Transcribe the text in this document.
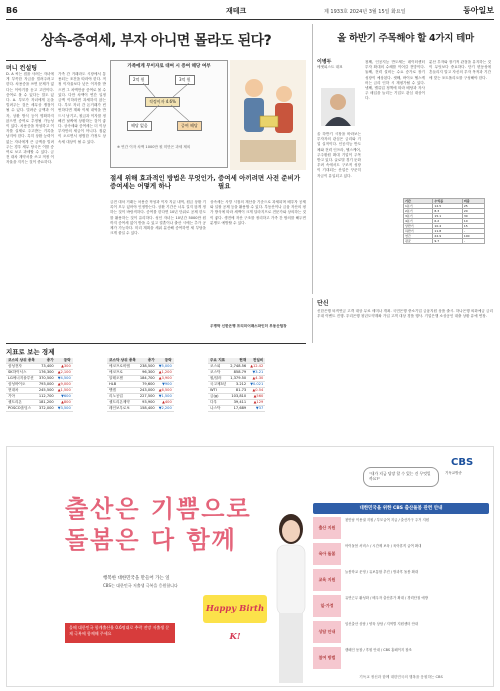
B6	재테크	제 1933호 2024년 3월 15일 화요일	동아일보
상속-증여세, 부자 아니면 몰라도 된다?
머니 컨설팅
D. A 씨는 집을 사려는 자녀에게 부족한 자금을 빌려주려고 한다. 차용증을 쓰면 문제가 없다는 이야기를 듣고 고민이다. 증여로 볼 수 있다는 말도 있다. A. 부모가 자녀에게 돈을 빌려주는 것은 세무상 쟁점이 될 수 있다. 빌려준 금액과 이자, 상환 방식 등이 명확하지 않으면 증여로 추정될 가능성이 있다. 차용증을 작성하고 이자를 실제로 주고받는 기록을 남겨야 한다. 특히 상환 능력이 없는 자녀에게 큰 금액을 빌려주는 경우 세무 당국은 이를 증여로 보고 과세할 수 있다. 금전 대차 계약서를 쓰고 적정 이자율을 지키는 것이 중요하다.
가족 간 거래라도 시장에서 통용되는 조건을 따라야 한다. 적정 이자율보다 낮은 이자를 받으면 그 차액만큼 증여로 볼 수 있다. 다만 차액이 연간 일정 금액 이하라면 과세하지 않는다. 부모 자녀 간 돈거래가 빈번하다면 계좌 이체 내역을 반드시 남기고, 원금과 이자를 정해진 날짜에 상환하는 것이 좋다. 상속세와 증여세는 더 이상 부자만의 세금이 아니다. 집값이 오르면서 평범한 가정도 상속세 대상이 될 수 있다.
가족에게 무이자로 대여 시 증여 해당 여부
2억 원	3억 원
적정이자 4.6%
해당 없음	증여 해당
※ 연간 이자 차액 1000만 원 미만은 과세 제외
절세 위해 효과적인 방법은 무엇인가, 증여세는 어떻게 하나
증여세 아끼려면 사전 준비가 필요
금전 대차 거래는 차용증 작성과 이자 지급 내역, 원금 상환 기록이 모두 있어야 인정받는다. 상환 기간은 너무 길지 않게 정하는 것이 바람직하다. 증여를 한다면 10년 단위로 공제 한도를 활용하는 것이 유리하다. 성인 자녀는 10년간 5000만 원까지 증여세 없이 받을 수 있고 결혼이나 출산 시에는 추가 공제가 가능하다. 미리 계획을 세워 분산해 증여하면 세 부담을 크게 줄일 수 있다.
상속세는 사망 시점의 재산을 기준으로 과세되며 배우자 공제와 일괄 공제 등을 활용할 수 있다. 부동산이나 금융 자산의 평가 방식에 따라 세액이 크게 달라지므로 전문가와 상의하는 것이 좋다. 생전에 자산 구조를 정리하고 가족 간 합의를 해두면 분쟁도 예방할 수 있다.
우병탁 신한은행 프리미어패스파인더 부동산팀장
올 하반기 주목해야 할 4가지 테마
이병두
에셋피스트 대표
올 하반기 시장을 바라보는 투자자의 관심은 금리와 기업 실적이다. 인공지능 반도체와 전력 인프라, 헬스케어, 주주환원 확대 기업이 주목받고 있다. 글로벌 경기 둔화 우려 속에서도 구조적 성장이 기대되는 산업은 꾸준히 자금이 유입되고 있다.
첫째, 인공지능 반도체는 데이터센터 투자 확대의 수혜를 이어갈 전망이다. 둘째, 전력 설비는 수요 증가로 장기 성장이 예상된다. 셋째, 바이오 헬스케어는 금리 인하 시 재평가될 수 있다. 넷째, 밸류업 정책에 따라 배당과 자사주 매입을 늘리는 기업도 관심 대상이다.
분산 투자와 장기적 관점을 유지하는 것이 무엇보다 중요하다. 단기 변동성에 흔들리지 말고 자신의 투자 목적과 기간에 맞는 포트폴리오를 구성해야 한다.
기간	수익률	비중
1분기	12.5	25
2분기	8.3	20
3분기	15.1	30
4분기	6.2	10
상반기	10.4	15
하반기	11.8	-
연간	22.9	100
평균	9.7	-
단신
신한은행 퇴직연금 고객 대상 무료 세미나 개최. 국민은행 중소기업 금융지원 상품 출시. 하나은행 외화예금 금리 우대 이벤트 진행. 우리은행 청년도약계좌 가입 고객 대상 경품 행사. 기업은행 소상공인 대출 상환 유예 연장.
지표로 보는 경제
코스피 상위 종목	종가	등락
삼성전자	73,400	▲300
SK하이닉스	176,300	▲2,100
LG에너지솔루션	370,500	▼4,500
삼성바이오	793,000	▲9,000
현대차	245,500	▲1,500
기아	112,700	▼600
셀트리온	181,200	▲800
POSCO홀딩스	372,000	▼3,500
코스닥 상위 종목	종가	등락
에코프로비엠	238,500	▼5,000
에코프로	96,300	▲1,200
알테오젠	184,700	▲3,900
HLB	79,600	▼900
엔켐	243,000	▲6,500
리노공업	227,500	▼1,500
셀트리온제약	93,900	▲400
레인보우로보	158,400	▼2,200
주요 지표	현재	전일비
코스피	2,748.56	▲12.42
코스닥	858.79	▼3.21
원/달러	1,379.50	▲4.30
국고채3년	3.212	▼0.021
WTI	81.73	▲0.54
금(g)	103,810	▲560
다우	39,411	▲129
나스닥	17,689	▼37
출산은 기쁨으로
돌봄은 다 함께
행복한 대한민국을 만들어 가는 일
CBS는 대한민국 저출생 극복을 응원합니다
올해 대한민국 합계출산율 0.6명대로 추락 전망 저출생 문제 극복에 함께해 주세요
Happy Birth K!
"내가 지금 당장 할 수 있는 건 무엇일까요?"
CBS
기독교방송
대한민국을 위한 CBS 출산돌봄 관련 안내
출산 지원
첫만남 이용권 지원 / 부모급여 지급 / 출산가구 주거 지원
육아 돌봄
아이돌봄 서비스 / 시간제 보육 / 육아휴직 급여 확대
교육 지원
늘봄학교 운영 / 유보통합 추진 / 방과후 돌봄 확대
일·가정
유연근무 활성화 / 배우자 출산휴가 확대 / 경력단절 예방
상담 안내
임신출산 상담 / 양육 상담 / 지역별 지원센터 안내
참여 방법
캠페인 동참 / 후원 안내 / CBS 홈페이지 참조
기독교 정신과 함께 대한민국의 행복을 응원하는 CBS
